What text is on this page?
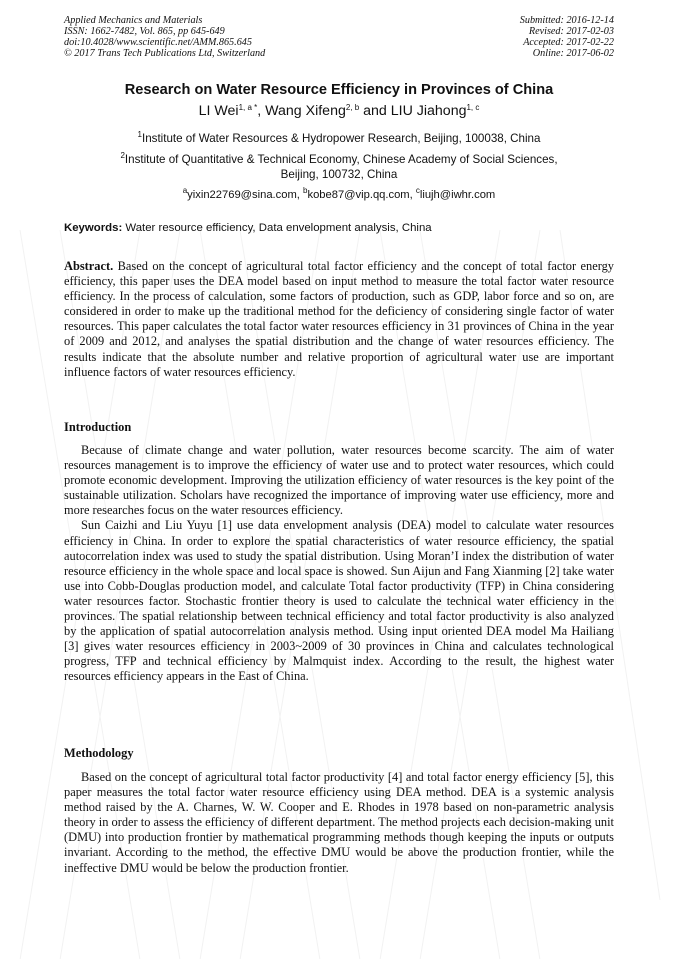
Applied Mechanics and Materials
ISSN: 1662-7482, Vol. 865, pp 645-649
doi:10.4028/www.scientific.net/AMM.865.645
© 2017 Trans Tech Publications Ltd, Switzerland
Submitted: 2016-12-14
Revised: 2017-02-03
Accepted: 2017-02-22
Online: 2017-06-02
Research on Water Resource Efficiency in Provinces of China
LI Wei$^{1, a *}$, Wang Xifeng$^{2, b}$ and LIU Jiahong$^{1, c}$
$^1$Institute of Water Resources & Hydropower Research, Beijing, 100038, China
$^2$Institute of Quantitative & Technical Economy, Chinese Academy of Social Sciences,
Beijing, 100732, China
$^a$yixin22769@sina.com, $^b$kobe87@vip.qq.com, $^c$liujh@iwhr.com
Keywords: Water resource efficiency, Data envelopment analysis, China

Abstract. Based on the concept of agricultural total factor efficiency and the concept of total factor energy efficiency, this paper uses the DEA model based on input method to measure the total factor water resource efficiency. In the process of calculation, some factors of production, such as GDP, labor force and so on, are considered in order to make up the traditional method for the deficiency of considering single factor of water resources. This paper calculates the total factor water resources efficiency in 31 provinces of China in the year of 2009 and 2012, and analyses the spatial distribution and the change of water resources efficiency. The results indicate that the absolute number and relative proportion of agricultural water use are important influence factors of water resources efficiency.

Introduction

Because of climate change and water pollution, water resources become scarcity. The aim of water resources management is to improve the efficiency of water use and to protect water resources, which could promote economic development. Improving the utilization efficiency of water resources is the key point of the sustainable utilization. Scholars have recognized the importance of improving water use efficiency, more and more researches focus on the water resources efficiency.

Sun Caizhi and Liu Yuyu [1] use data envelopment analysis (DEA) model to calculate water resources efficiency in China. In order to explore the spatial characteristics of water resource efficiency, the spatial autocorrelation index was used to study the spatial distribution. Using Moran’I index the distribution of water resource efficiency in the whole space and local space is showed. Sun Aijun and Fang Xianming [2] take water use into Cobb-Douglas production model, and calculate Total factor productivity (TFP) in China considering water resources factor. Stochastic frontier theory is used to calculate the technical water efficiency in the provinces. The spatial relationship between technical efficiency and total factor productivity is also analyzed by the application of spatial autocorrelation analysis method. Using input oriented DEA model Ma Hailiang [3] gives water resources efficiency in 2003~2009 of 30 provinces in China and calculates technological progress, TFP and technical efficiency by Malmquist index. According to the result, the highest water resources efficiency appears in the East of China.

Methodology

Based on the concept of agricultural total factor productivity [4] and total factor energy efficiency [5], this paper measures the total factor water resource efficiency using DEA method. DEA is a systemic analysis method raised by the A. Charnes, W. W. Cooper and E. Rhodes in 1978 based on non-parametric analysis theory in order to assess the efficiency of different department. The method projects each decision-making unit (DMU) into production frontier by mathematical programming methods though keeping the inputs or outputs invariant. According to the method, the effective DMU would be above the production frontier, while the ineffective DMU would be below the production frontier.
